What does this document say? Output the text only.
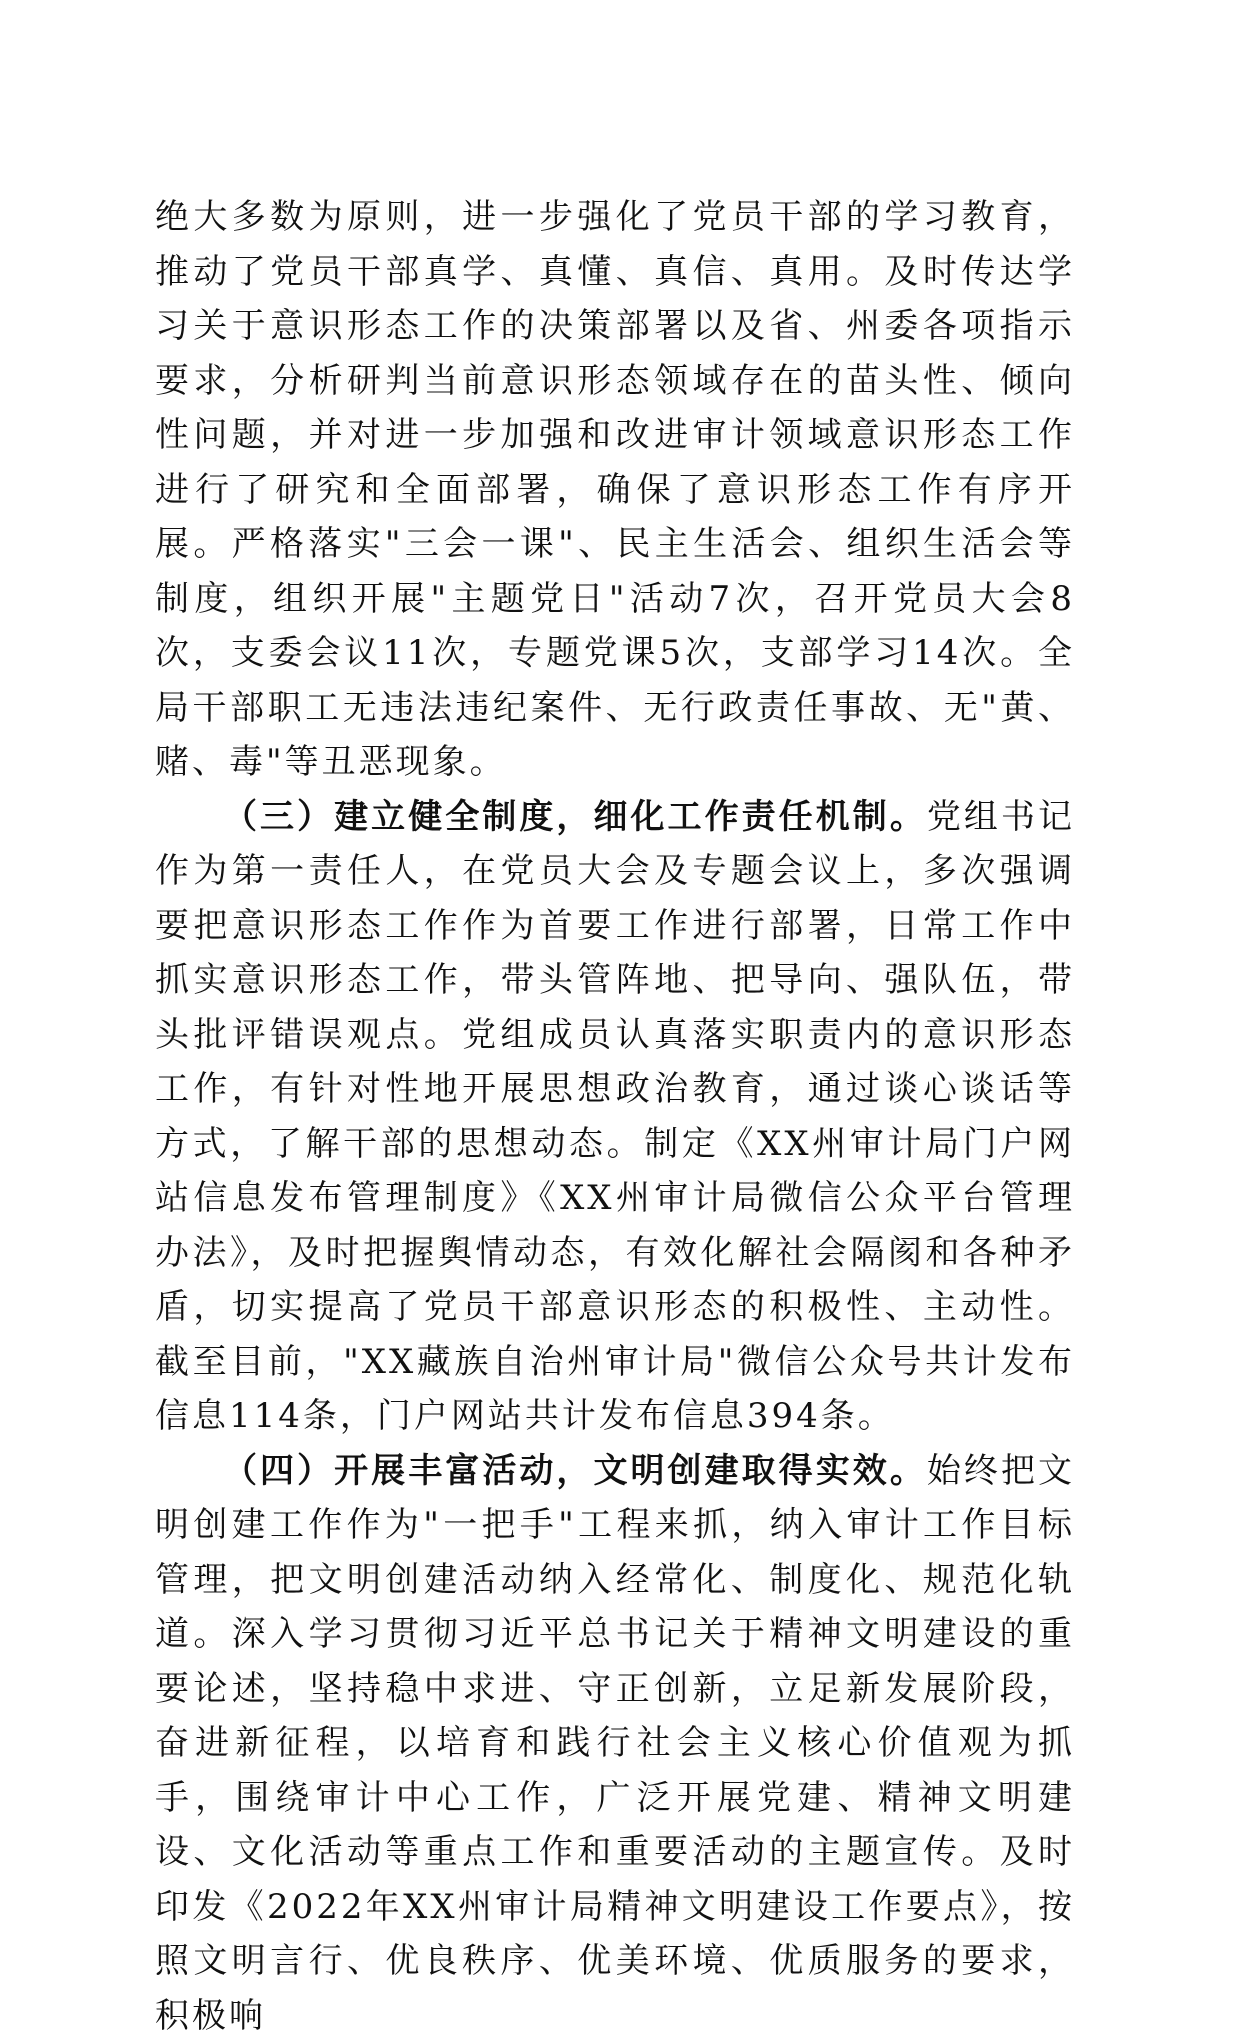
绝大多数为原则，进一步强化了党员干部的学习教育，推动了党员干部真学、真懂、真信、真用。及时传达学习关于意识形态工作的决策部署以及省、州委各项指示要求，分析研判当前意识形态领域存在的苗头性、倾向性问题，并对进一步加强和改进审计领域意识形态工作进行了研究和全面部署，确保了意识形态工作有序开展。严格落实"三会一课"、民主生活会、组织生活会等制度，组织开展"主题党日"活动7次，召开党员大会8次，支委会议11次，专题党课5次，支部学习14次。全局干部职工无违法违纪案件、无行政责任事故、无"黄、赌、毒"等丑恶现象。

（三）建立健全制度，细化工作责任机制。党组书记作为第一责任人，在党员大会及专题会议上，多次强调要把意识形态工作作为首要工作进行部署，日常工作中抓实意识形态工作，带头管阵地、把导向、强队伍，带头批评错误观点。党组成员认真落实职责内的意识形态工作，有针对性地开展思想政治教育，通过谈心谈话等方式，了解干部的思想动态。制定《XX州审计局门户网站信息发布管理制度》《XX州审计局微信公众平台管理办法》，及时把握舆情动态，有效化解社会隔阂和各种矛盾，切实提高了党员干部意识形态的积极性、主动性。截至目前，"XX藏族自治州审计局"微信公众号共计发布信息114条，门户网站共计发布信息394条。

（四）开展丰富活动，文明创建取得实效。始终把文明创建工作作为"一把手"工程来抓，纳入审计工作目标管理，把文明创建活动纳入经常化、制度化、规范化轨道。深入学习贯彻习近平总书记关于精神文明建设的重要论述，坚持稳中求进、守正创新，立足新发展阶段，奋进新征程，以培育和践行社会主义核心价值观为抓手，围绕审计中心工作，广泛开展党建、精神文明建设、文化活动等重点工作和重要活动的主题宣传。及时印发《2022年XX州审计局精神文明建设工作要点》，按照文明言行、优良秩序、优美环境、优质服务的要求，积极响
